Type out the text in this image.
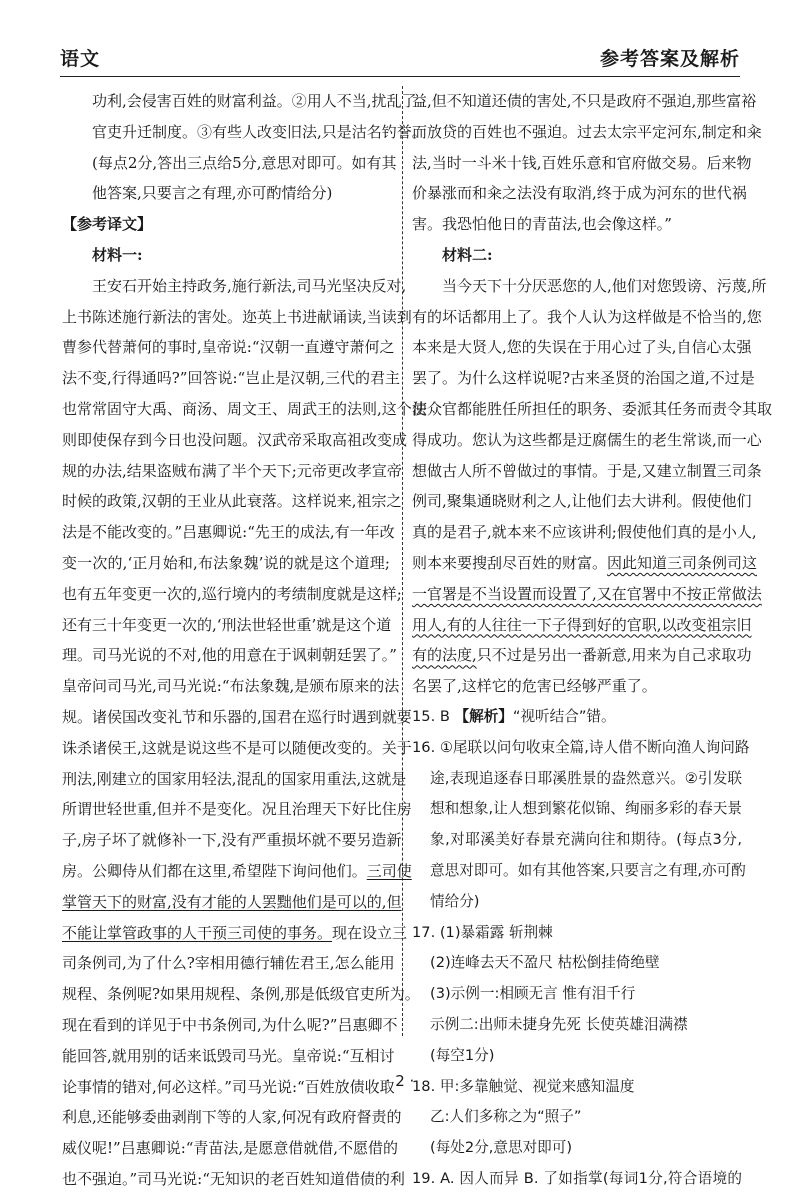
语文	参考答案及解析
功利,会侵害百姓的财富利益。②用人不当,扰乱了
官吏升迁制度。③有些人改变旧法,只是沽名钓誉。
(每点2分,答出三点给5分,意思对即可。如有其
他答案,只要言之有理,亦可酌情给分)
【参考译文】
材料一:
王安石开始主持政务,施行新法,司马光坚决反对,
上书陈述施行新法的害处。迩英上书进献诵读,当读到
曹参代替萧何的事时,皇帝说:“汉朝一直遵守萧何之
法不变,行得通吗?”回答说:“岂止是汉朝,三代的君主
也常常固守大禹、商汤、周文王、周武王的法则,这个法
则即使保存到今日也没问题。汉武帝采取高祖改变成
规的办法,结果盗贼布满了半个天下;元帝更改孝宣帝
时候的政策,汉朝的王业从此衰落。这样说来,祖宗之
法是不能改变的。”吕惠卿说:“先王的成法,有一年改
变一次的,‘正月始和,布法象魏’说的就是这个道理;
也有五年变更一次的,巡行境内的考绩制度就是这样;
还有三十年变更一次的,‘刑法世轻世重’就是这个道
理。司马光说的不对,他的用意在于讽刺朝廷罢了。”
皇帝问司马光,司马光说:“布法象魏,是颁布原来的法
规。诸侯国改变礼节和乐器的,国君在巡行时遇到就要
诛杀诸侯王,这就是说这些不是可以随便改变的。关于
刑法,刚建立的国家用轻法,混乱的国家用重法,这就是
所谓世轻世重,但并不是变化。况且治理天下好比住房
子,房子坏了就修补一下,没有严重损坏就不要另造新
房。公卿侍从们都在这里,希望陛下询问他们。三司使
掌管天下的财富,没有才能的人罢黜他们是可以的,但
不能让掌管政事的人干预三司使的事务。现在设立三
司条例司,为了什么?宰相用德行辅佐君王,怎么能用
规程、条例呢?如果用规程、条例,那是低级官吏所为。
现在看到的详见于中书条例司,为什么呢?”吕惠卿不
能回答,就用别的话来诋毁司马光。皇帝说:“互相讨
论事情的错对,何必这样。”司马光说:“百姓放债收取
利息,还能够委曲剥削下等的人家,何况有政府督责的
威仪呢!”吕惠卿说:“青苗法,是愿意借就借,不愿借的
也不强迫。”司马光说:“无知识的老百姓知道借债的利
益,但不知道还债的害处,不只是政府不强迫,那些富裕
而放贷的百姓也不强迫。过去太宗平定河东,制定和籴
法,当时一斗米十钱,百姓乐意和官府做交易。后来物
价暴涨而和籴之法没有取消,终于成为河东的世代祸
害。我恐怕他日的青苗法,也会像这样。”
材料二:
当今天下十分厌恶您的人,他们对您毁谤、污蔑,所
有的坏话都用上了。我个人认为这样做是不恰当的,您
本来是大贤人,您的失误在于用心过了头,自信心太强
罢了。为什么这样说呢?古来圣贤的治国之道,不过是
使众官都能胜任所担任的职务、委派其任务而责令其取
得成功。您认为这些都是迂腐儒生的老生常谈,而一心
想做古人所不曾做过的事情。于是,又建立制置三司条
例司,聚集通晓财利之人,让他们去大讲利。假使他们
真的是君子,就本来不应该讲利;假使他们真的是小人,
则本来要搜刮尽百姓的财富。因此知道三司条例司这
一官署是不当设置而设置了,又在官署中不按正常做法
用人,有的人往往一下子得到好的官职,以改变祖宗旧
有的法度,只不过是另出一番新意,用来为自己求取功
名罢了,这样它的危害已经够严重了。
15. B 【解析】“视听结合”错。
16. ①尾联以问句收束全篇,诗人借不断向渔人询问路
途,表现追逐春日耶溪胜景的盎然意兴。②引发联
想和想象,让人想到繁花似锦、绚丽多彩的春天景
象,对耶溪美好春景充满向往和期待。(每点3分,
意思对即可。如有其他答案,只要言之有理,亦可酌
情给分)
17. (1)暴霜露 斩荆棘
(2)连峰去天不盈尺 枯松倒挂倚绝壁
(3)示例一:相顾无言 惟有泪千行
示例二:出师未捷身先死 长使英雄泪满襟
(每空1分)
18. 甲:多靠触觉、视觉来感知温度
乙:人们多称之为“照子”
(每处2分,意思对即可)
19. A. 因人而异 B. 了如指掌(每词1分,符合语境的
· 2 ·
